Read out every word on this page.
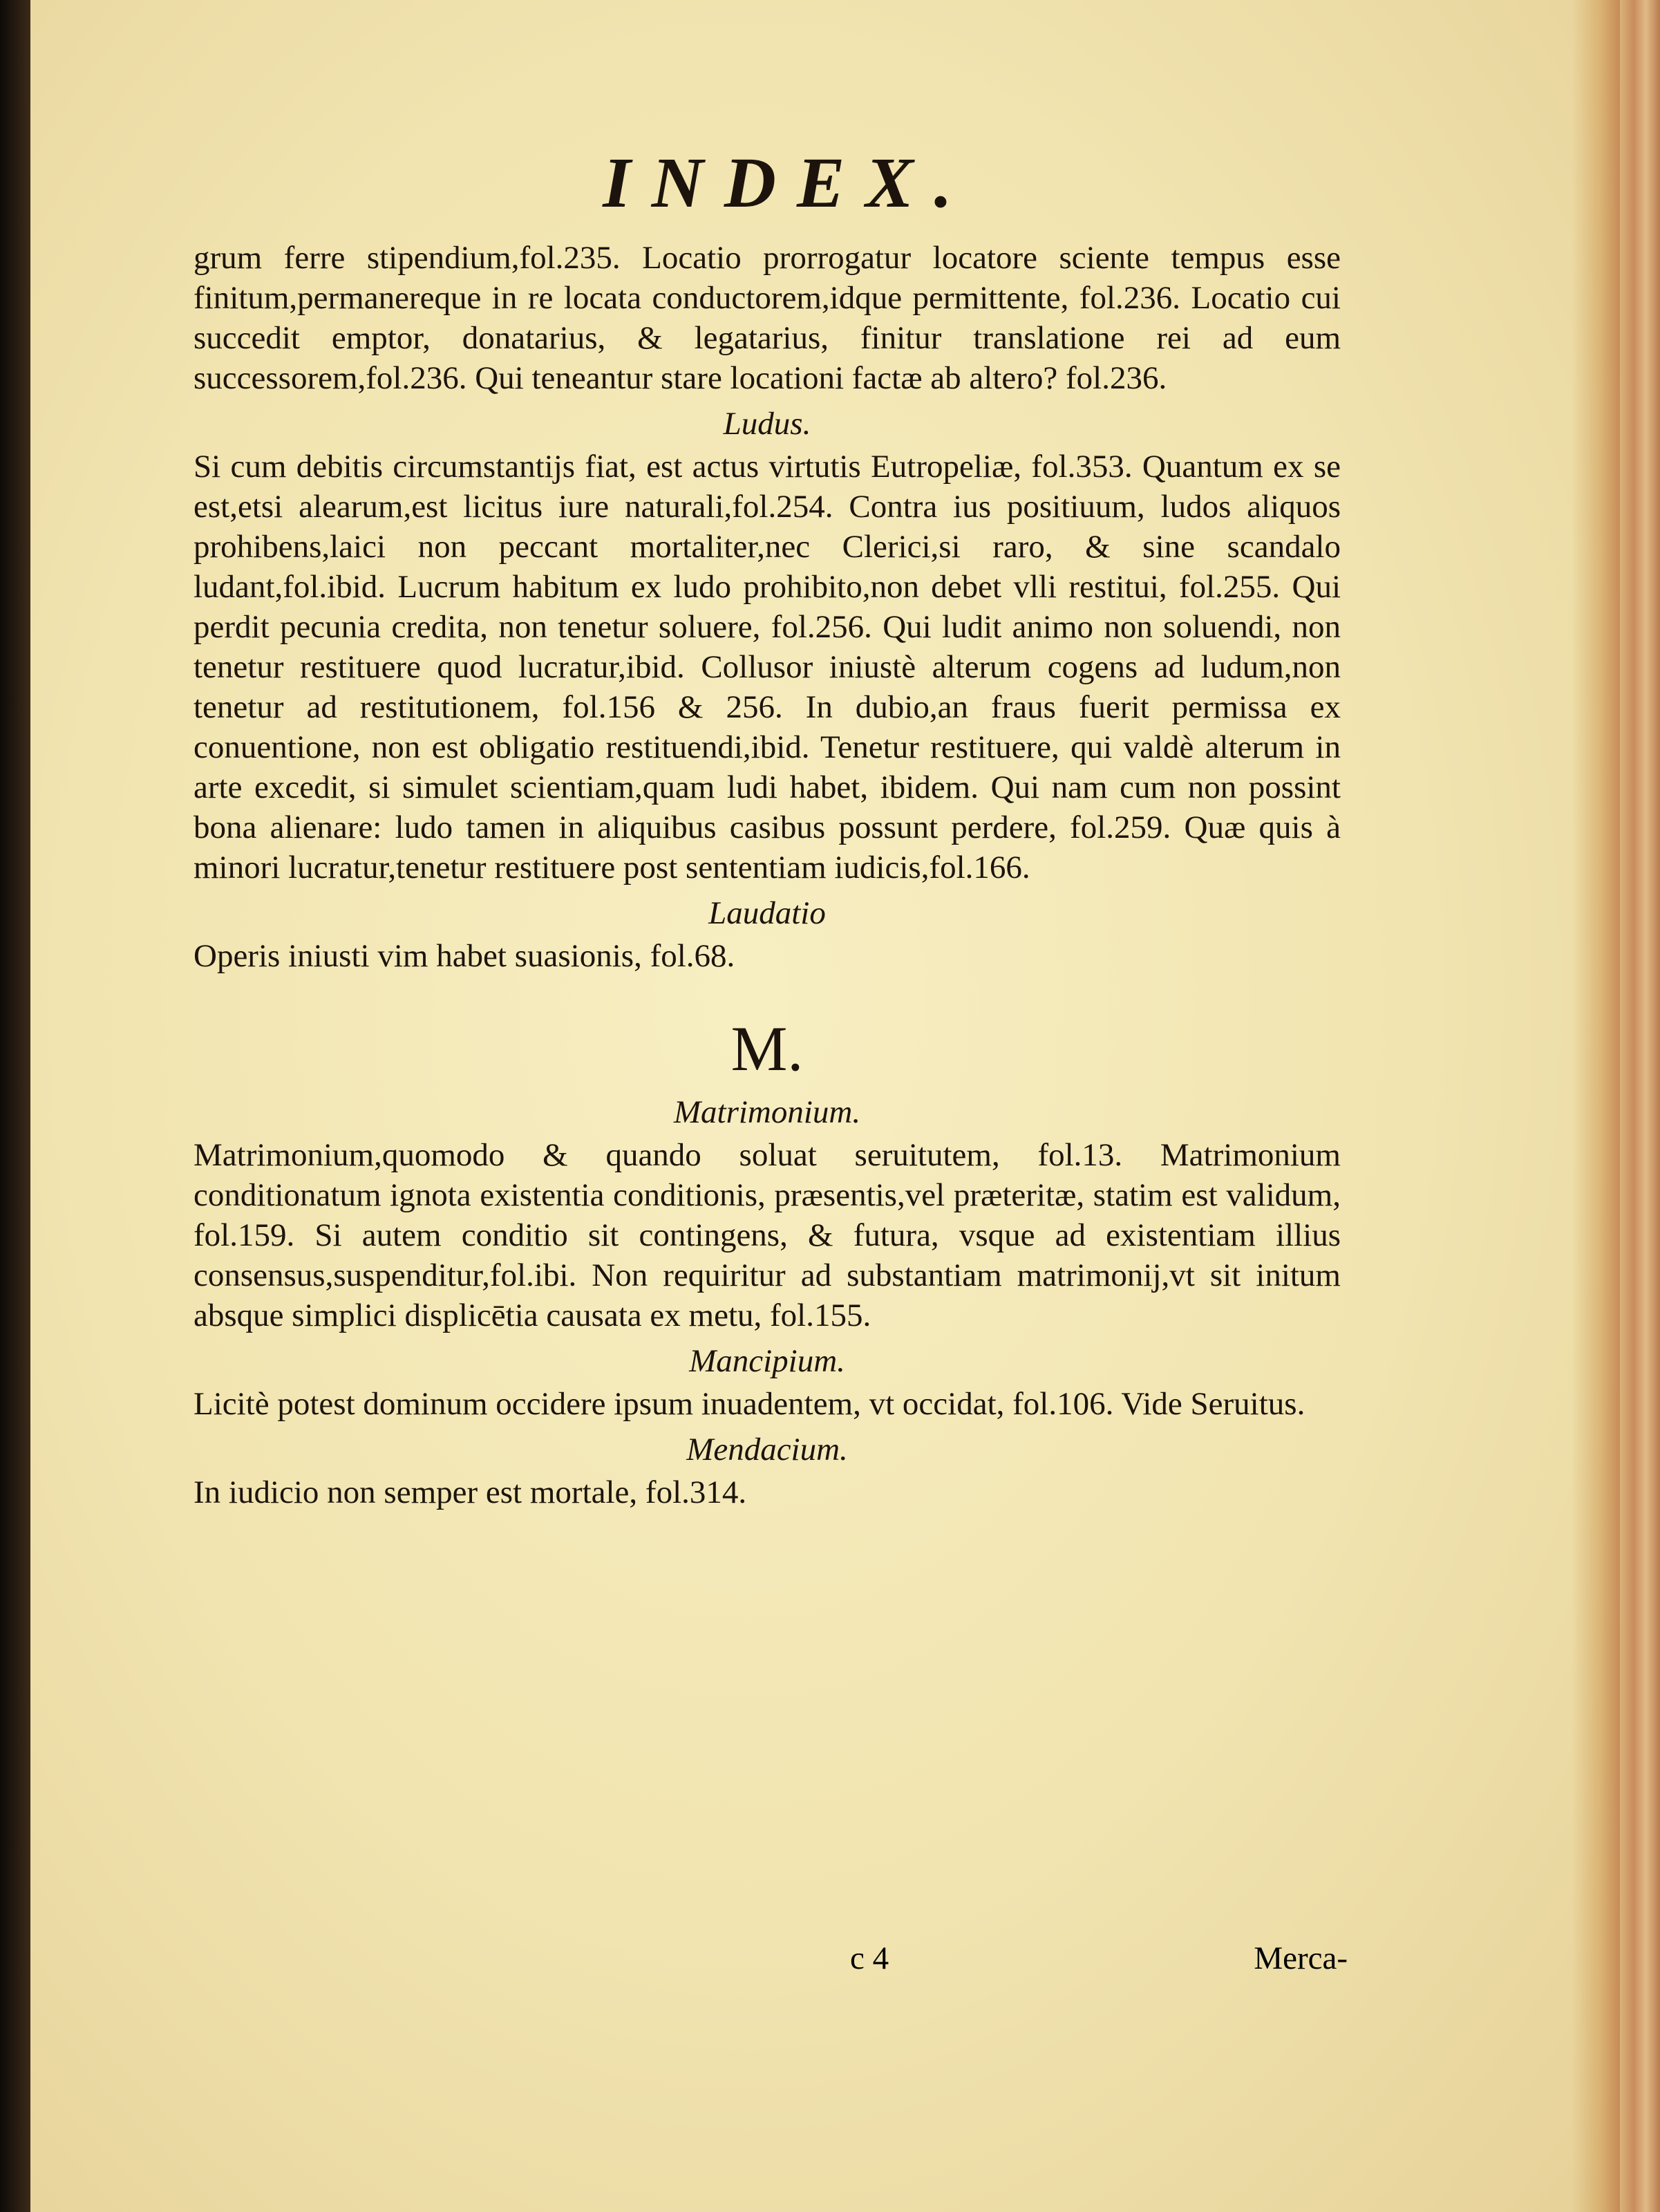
INDEX.

grum ferre stipendium,fol.235. Locatio prorrogatur locatore sciente tempus esse finitum,permanereque in re locata conductorem,idque permittente, fol.236. Locatio cui succedit emptor, donatarius, & legatarius, finitur translatione rei ad eum successorem,fol.236. Qui teneantur stare locationi factæ ab altero? fol.236.

Ludus.

Si cum debitis circumstantijs fiat, est actus virtutis Eutropeliæ, fol.353. Quantum ex se est,etsi alearum,est licitus iure naturali,fol.254. Contra ius positiuum, ludos aliquos prohibens,laici non peccant mortaliter,nec Clerici,si raro, & sine scandalo ludant,fol.ibid. Lucrum habitum ex ludo prohibito,non debet vlli restitui, fol.255. Qui perdit pecunia credita, non tenetur soluere, fol.256. Qui ludit animo non soluendi, non tenetur restituere quod lucratur,ibid. Collusor iniustè alterum cogens ad ludum,non tenetur ad restitutionem, fol.156 & 256. In dubio,an fraus fuerit permissa ex conuentione, non est obligatio restituendi,ibid. Tenetur restituere, qui valdè alterum in arte excedit, si simulet scientiam,quam ludi habet, ibidem. Qui nam cum non possint bona alienare: ludo tamen in aliquibus casibus possunt perdere, fol.259. Quæ quis à minori lucratur,tenetur restituere post sententiam iudicis,fol.166.

Laudatio

Operis iniusti vim habet suasionis, fol.68.

M.
Matrimonium.

Matrimonium,quomodo & quando soluat seruitutem, fol.13. Matrimonium conditionatum ignota existentia conditionis, præsentis,vel præteritæ, statim est validum, fol.159. Si autem conditio sit contingens, & futura, vsque ad existentiam illius consensus,suspenditur,fol.ibi. Non requiritur ad substantiam matrimonij,vt sit initum absque simplici displicētia causata ex metu, fol.155.

Mancipium.

Licitè potest dominum occidere ipsum inuadentem, vt occidat, fol.106. Vide Seruitus.

Mendacium.

In iudicio non semper est mortale, fol.314.

c 4	Merca-
